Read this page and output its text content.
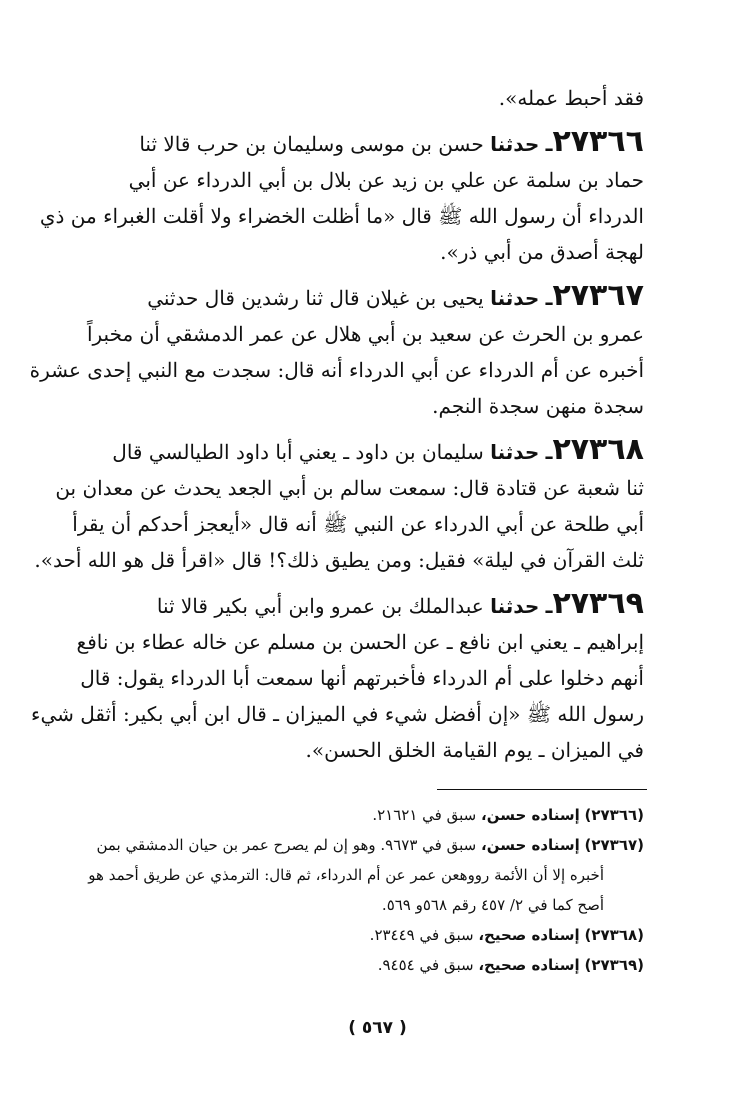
فقد أحبط عمله».
٢٧٣٦٦ـ حدثنا حسن بن موسى وسليمان بن حرب قالا ثنا
حماد بن سلمة عن علي بن زيد عن بلال بن أبي الدرداء عن أبي
الدرداء أن رسول الله ﷺ قال «ما أظلت الخضراء ولا أقلت الغبراء من ذي
لهجة أصدق من أبي ذر».
٢٧٣٦٧ـ حدثنا يحيى بن غيلان قال ثنا رشدين قال حدثني
عمرو بن الحرث عن سعيد بن أبي هلال عن عمر الدمشقي أن مخبراً
أخبره عن أم الدرداء عن أبي الدرداء أنه قال: سجدت مع النبي إحدى عشرة
سجدة منهن سجدة النجم.
٢٧٣٦٨ـ حدثنا سليمان بن داود ـ يعني أبا داود الطيالسي قال
ثنا شعبة عن قتادة قال: سمعت سالم بن أبي الجعد يحدث عن معدان بن
أبي طلحة عن أبي الدرداء عن النبي ﷺ أنه قال «أيعجز أحدكم أن يقرأ
ثلث القرآن في ليلة» فقيل: ومن يطيق ذلك؟! قال «اقرأ قل هو الله أحد».
٢٧٣٦٩ـ حدثنا عبدالملك بن عمرو وابن أبي بكير قالا ثنا
إبراهيم ـ يعني ابن نافع ـ عن الحسن بن مسلم عن خاله عطاء بن نافع
أنهم دخلوا على أم الدرداء فأخبرتهم أنها سمعت أبا الدرداء يقول: قال
رسول الله ﷺ «إن أفضل شيء في الميزان ـ قال ابن أبي بكير: أثقل شيء
في الميزان ـ يوم القيامة الخلق الحسن».
(٢٧٣٦٦) إسناده حسن، سبق في ٢١٦٢١.
(٢٧٣٦٧) إسناده حسن، سبق في ٩٦٧٣. وهو إن لم يصرح عمر بن حيان الدمشقي بمن
أخبره إلا أن الأئمة رووهعن عمر عن أم الدرداء، ثم قال: الترمذي عن طريق أحمد هو
أصح كما في ٢/ ٤٥٧ رقم ٥٦٨و ٥٦٩.
(٢٧٣٦٨) إسناده صحيح، سبق في ٢٣٤٤٩.
(٢٧٣٦٩) إسناده صحيح، سبق في ٩٤٥٤.
( ٥٦٧ )
